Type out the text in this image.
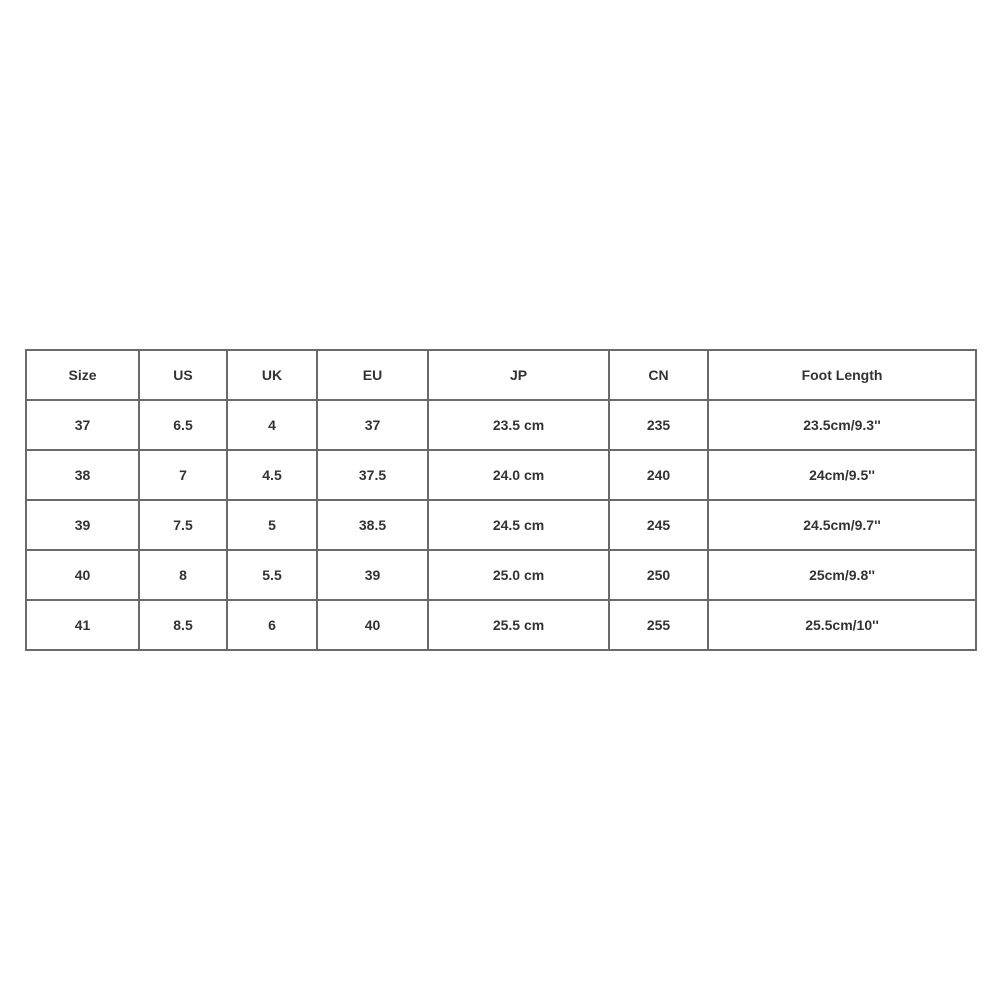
Size	US	UK	EU	JP	CN	Foot Length
37	6.5	4	37	23.5 cm	235	23.5cm/9.3''
38	7	4.5	37.5	24.0 cm	240	24cm/9.5''
39	7.5	5	38.5	24.5 cm	245	24.5cm/9.7''
40	8	5.5	39	25.0 cm	250	25cm/9.8''
41	8.5	6	40	25.5 cm	255	25.5cm/10''
